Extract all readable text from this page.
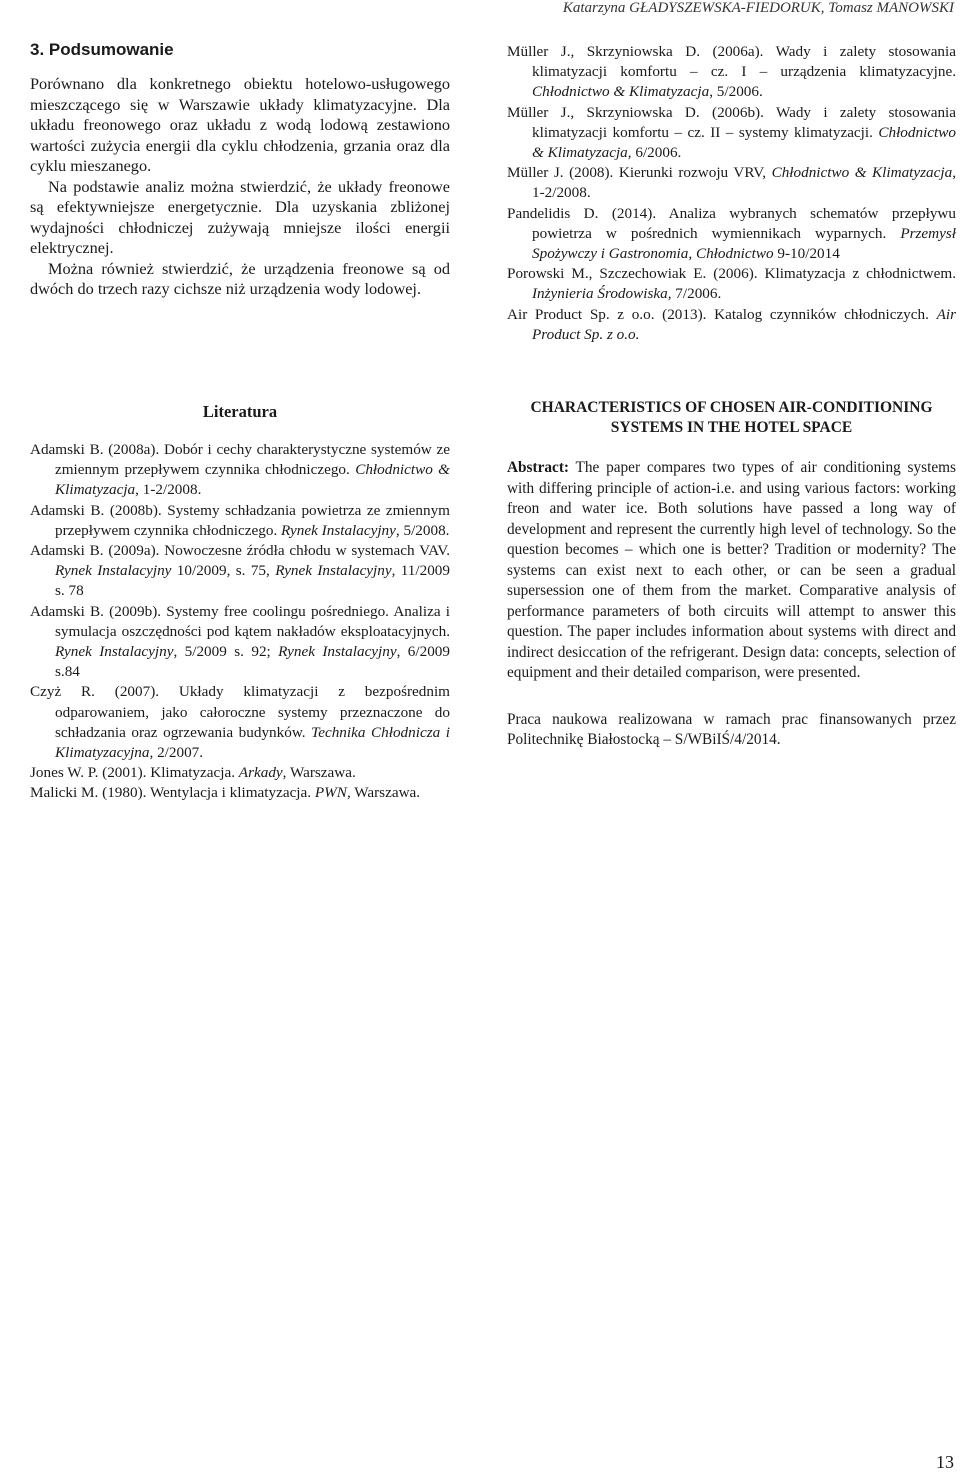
Katarzyna GŁADYSZEWSKA-FIEDORUK, Tomasz MANOWSKI
3. Podsumowanie

Porównano dla konkretnego obiektu hotelowo-usługowego mieszczącego się w Warszawie układy klimatyzacyjne. Dla układu freonowego oraz układu z wodą lodową zestawiono wartości zużycia energii dla cyklu chłodzenia, grzania oraz dla cyklu mieszanego.

Na podstawie analiz można stwierdzić, że układy freonowe są efektywniejsze energetycznie. Dla uzyskania zbliżonej wydajności chłodniczej zużywają mniejsze ilości energii elektrycznej.

Można również stwierdzić, że urządzenia freonowe są od dwóch do trzech razy cichsze niż urządzenia wody lodowej.

Literatura

Adamski B. (2008a). Dobór i cechy charakterystyczne systemów ze zmiennym przepływem czynnika chłodniczego. Chłodnictwo & Klimatyzacja, 1-2/2008.

Adamski B. (2008b). Systemy schładzania powietrza ze zmiennym przepływem czynnika chłodniczego. Rynek Instalacyjny, 5/2008.

Adamski B. (2009a). Nowoczesne źródła chłodu w systemach VAV. Rynek Instalacyjny 10/2009, s. 75, Rynek Instalacyjny, 11/2009 s. 78

Adamski B. (2009b). Systemy free coolingu pośredniego. Analiza i symulacja oszczędności pod kątem nakładów eksploatacyjnych. Rynek Instalacyjny, 5/2009 s. 92; Rynek Instalacyjny, 6/2009 s.84

Czyż R. (2007). Układy klimatyzacji z bezpośrednim odparowaniem, jako całoroczne systemy przeznaczone do schładzania oraz ogrzewania budynków. Technika Chłodnicza i Klimatyzacyjna, 2/2007.

Jones W. P. (2001). Klimatyzacja. Arkady, Warszawa.

Malicki M. (1980). Wentylacja i klimatyzacja. PWN, Warszawa.

Müller J., Skrzyniowska D. (2006a). Wady i zalety stosowania klimatyzacji komfortu – cz. I – urządzenia klimatyzacyjne. Chłodnictwo & Klimatyzacja, 5/2006.

Müller J., Skrzyniowska D. (2006b). Wady i zalety stosowania klimatyzacji komfortu – cz. II – systemy klimatyzacji. Chłodnictwo & Klimatyzacja, 6/2006.

Müller J. (2008). Kierunki rozwoju VRV, Chłodnictwo & Klimatyzacja, 1-2/2008.

Pandelidis D. (2014). Analiza wybranych schematów przepływu powietrza w pośrednich wymiennikach wyparnych. Przemysł Spożywczy i Gastronomia, Chłodnictwo 9-10/2014

Porowski M., Szczechowiak E. (2006). Klimatyzacja z chłodnictwem. Inżynieria Środowiska, 7/2006.

Air Product Sp. z o.o. (2013). Katalog czynników chłodniczych. Air Product Sp. z o.o.

CHARACTERISTICS OF CHOSEN AIR-CONDITIONING SYSTEMS IN THE HOTEL SPACE

Abstract: The paper compares two types of air conditioning systems with differing principle of action-i.e. and using various factors: working freon and water ice. Both solutions have passed a long way of development and represent the currently high level of technology. So the question becomes – which one is better? Tradition or modernity? The systems can exist next to each other, or can be seen a gradual supersession one of them from the market. Comparative analysis of performance parameters of both circuits will attempt to answer this question. The paper includes information about systems with direct and indirect desiccation of the refrigerant. Design data: concepts, selection of equipment and their detailed comparison, were presented.

Praca naukowa realizowana w ramach prac finansowanych przez Politechnikę Białostocką – S/WBiIŚ/4/2014.

13
